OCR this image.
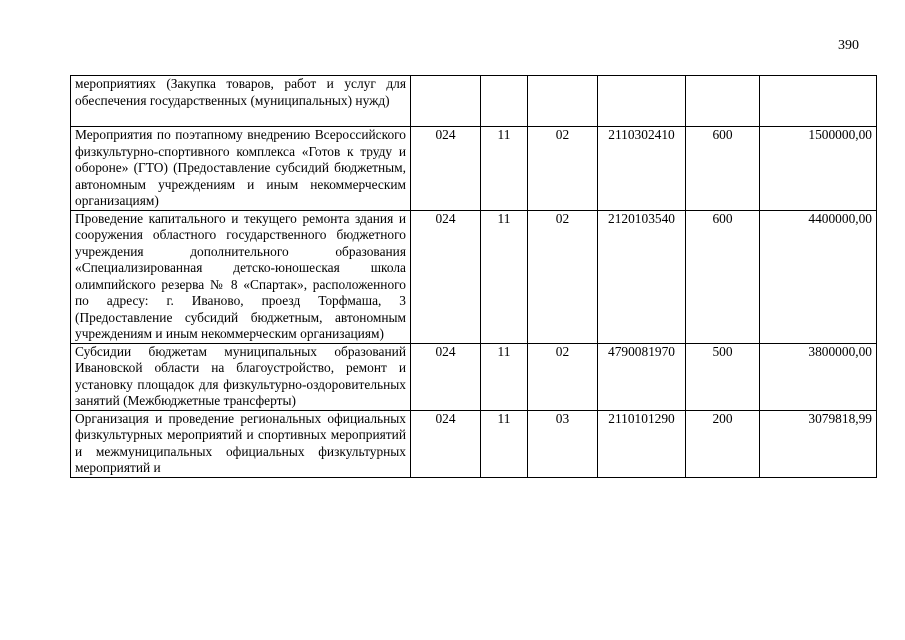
390
мероприятиях (Закупка товаров, работ и услуг для обеспечения государственных (муниципальных) нужд)						
Мероприятия по поэтапному внедрению Всероссийского физкультурно-спортивного комплекса «Готов к труду и обороне» (ГТО) (Предоставление субсидий бюджетным, автономным учреждениям и иным некоммерческим организациям)	024	11	02	2110302410	600	1500000,00
Проведение капитального и текущего ремонта здания и сооружения областного государственного бюджетного учреждения дополнительного образования «Специализированная детско-юношеская школа олимпийского резерва № 8 «Спартак», расположенного по адресу: г. Иваново, проезд Торфмаша, 3 (Предоставление субсидий бюджетным, автономным учреждениям и иным некоммерческим организациям)	024	11	02	2120103540	600	4400000,00
Субсидии бюджетам муниципальных образований Ивановской области на благоустройство, ремонт и установку площадок для физкультурно-оздоровительных занятий (Межбюджетные трансферты)	024	11	02	4790081970	500	3800000,00
Организация и проведение региональных официальных физкультурных мероприятий и спортивных мероприятий и межмуниципальных официальных физкультурных мероприятий и	024	11	03	2110101290	200	3079818,99
